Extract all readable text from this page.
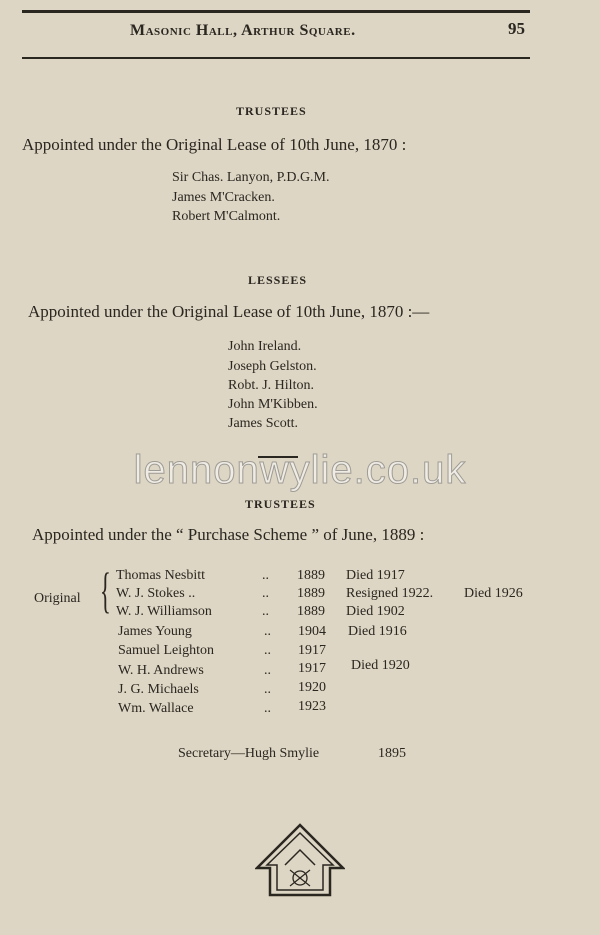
Masonic Hall, Arthur Square.	95
TRUSTEES
Appointed under the Original Lease of 10th June, 1870 :
Sir Chas. Lanyon, P.D.G.M.
James M'Cracken.
Robert M'Calmont.
LESSEES
Appointed under the Original Lease of 10th June, 1870 :—
John Ireland.
Joseph Gelston.
Robt. J. Hilton.
John M'Kibben.
James Scott.
lennonwylie.co.uk
TRUSTEES
Appointed under the “ Purchase Scheme ” of June, 1889 :
Original { Thomas Nesbitt	.. 1889 Died 1917
W. J. Stokes ..	.. 1889 Resigned 1922. Died 1926
W. J. Williamson	.. 1889 Died 1902
James Young	.. 1904 Died 1916
Samuel Leighton	.. 1917
W. H. Andrews	.. 1917 Died 1920
J. G. Michaels	.. 1920
Wm. Wallace	.. 1923
Secretary—Hugh Smylie	1895
